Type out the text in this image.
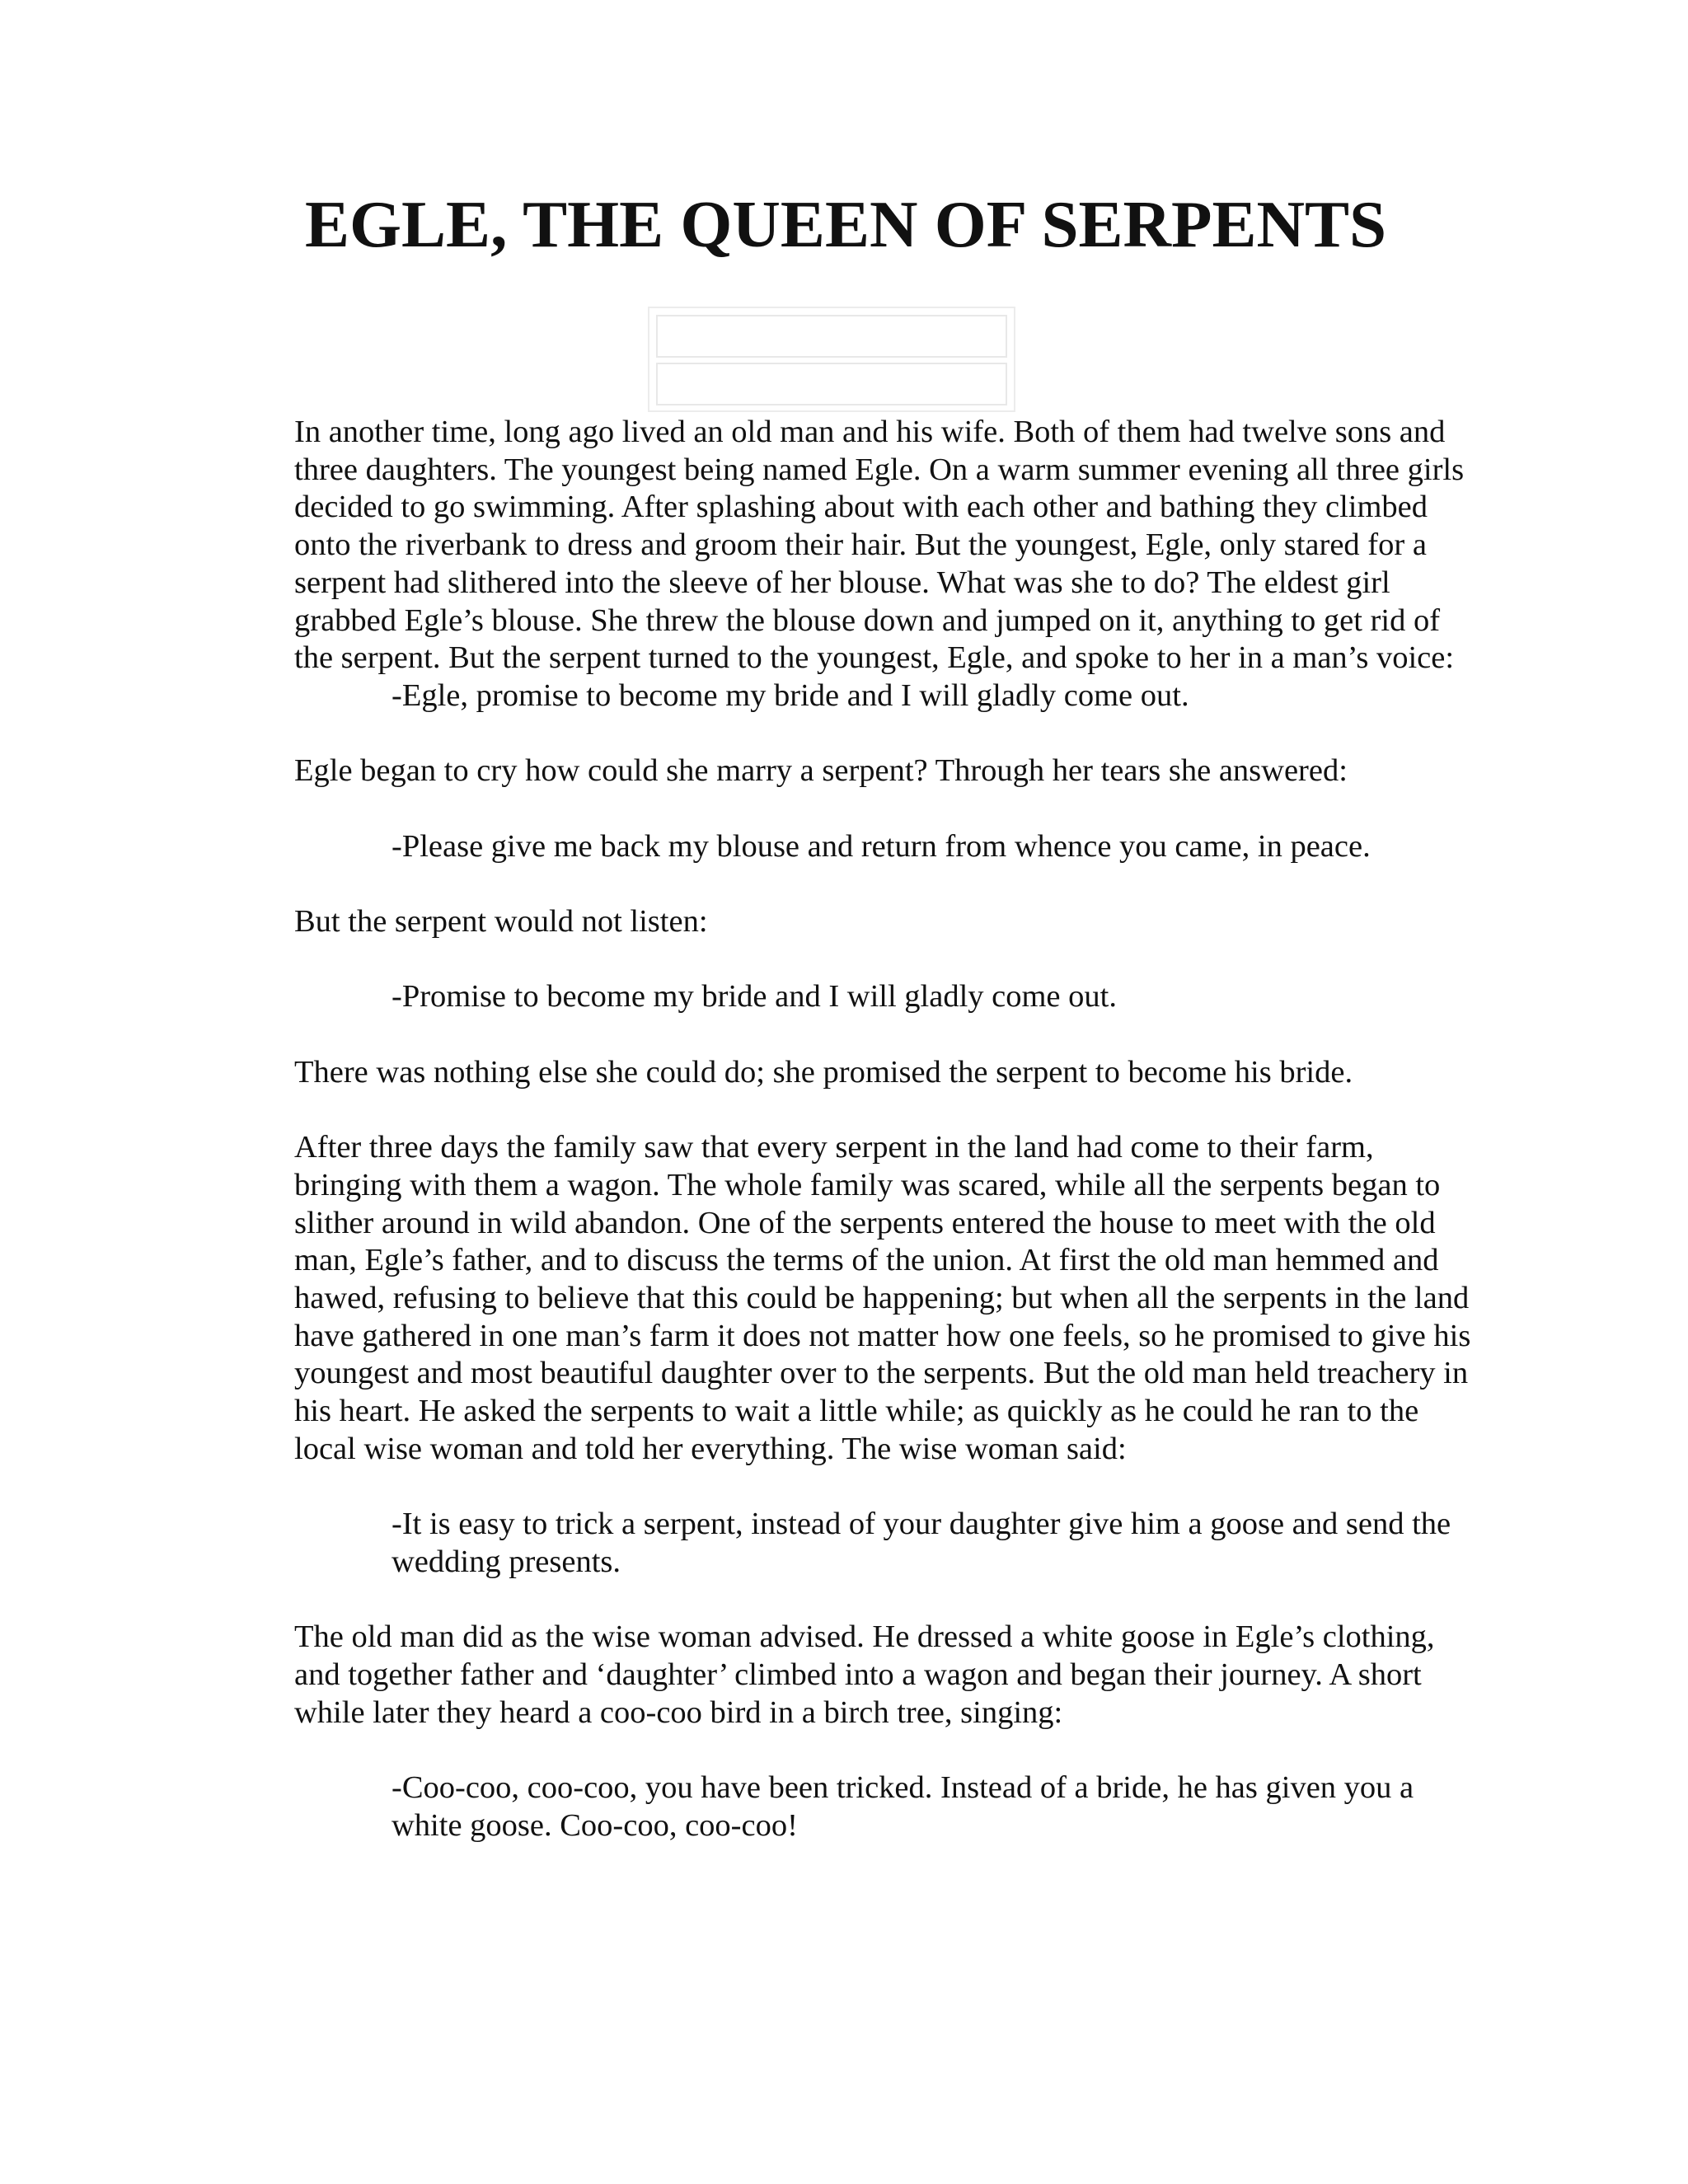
EGLE, THE QUEEN OF SERPENTS

In another time, long ago lived an old man and his wife. Both of them had twelve sons and three daughters. The youngest being named Egle. On a warm summer evening all three girls decided to go swimming. After splashing about with each other and bathing they climbed onto the riverbank to dress and groom their hair. But the youngest, Egle, only stared for a serpent had slithered into the sleeve of her blouse. What was she to do? The eldest girl grabbed Egle’s blouse. She threw the blouse down and jumped on it, anything to get rid of the serpent. But the serpent turned to the youngest, Egle, and spoke to her in a man’s voice:

-Egle, promise to become my bride and I will gladly come out.

Egle began to cry how could she marry a serpent? Through her tears she answered:

-Please give me back my blouse and return from whence you came, in peace.

But the serpent would not listen:

-Promise to become my bride and I will gladly come out.

There was nothing else she could do; she promised the serpent to become his bride.

After three days the family saw that every serpent in the land had come to their farm, bringing with them a wagon. The whole family was scared, while all the serpents began to slither around in wild abandon. One of the serpents entered the house to meet with the old man, Egle’s father, and to discuss the terms of the union. At first the old man hemmed and hawed, refusing to believe that this could be happening; but when all the serpents in the land have gathered in one man’s farm it does not matter how one feels, so he promised to give his youngest and most beautiful daughter over to the serpents. But the old man held treachery in his heart. He asked the serpents to wait a little while; as quickly as he could he ran to the local wise woman and told her everything. The wise woman said:

-It is easy to trick a serpent, instead of your daughter give him a goose and send the wedding presents.

The old man did as the wise woman advised. He dressed a white goose in Egle’s clothing, and together father and ‘daughter’ climbed into a wagon and began their journey. A short while later they heard a coo-coo bird in a birch tree, singing:

-Coo-coo, coo-coo, you have been tricked. Instead of a bride, he has given you a white goose. Coo-coo, coo-coo!
